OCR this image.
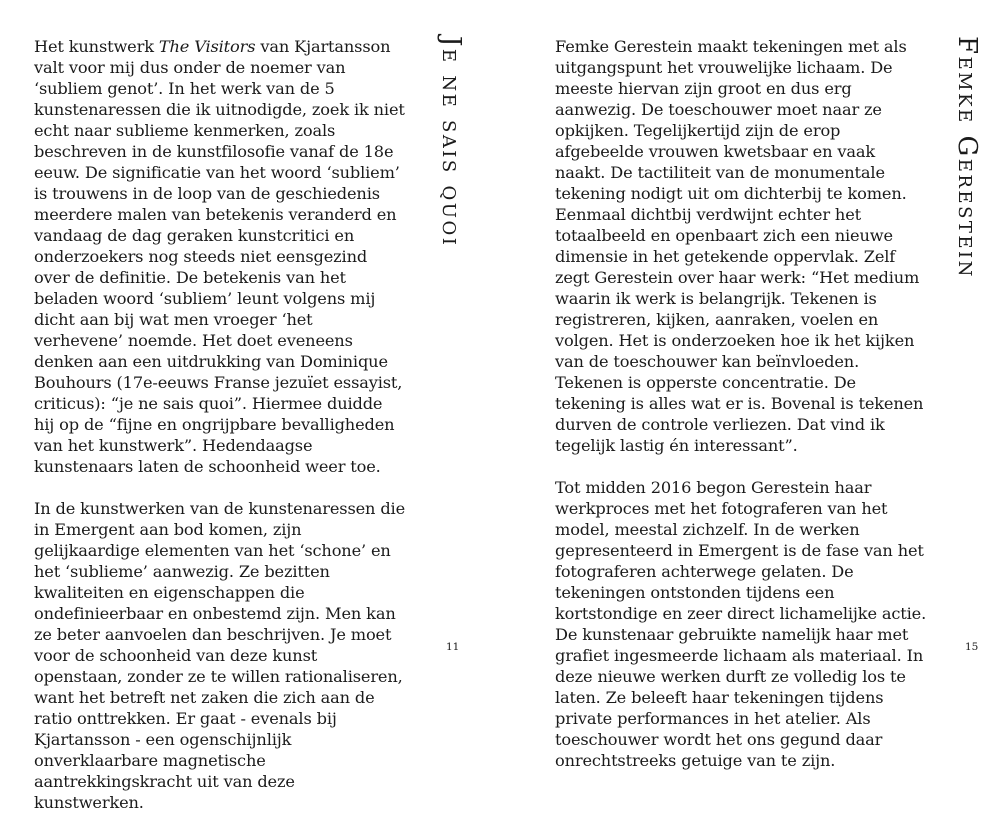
Het kunstwerk The Visitors van Kjartansson valt voor mij dus onder de noemer van ‘subliem genot’. In het werk van de 5 kunstenaressen die ik uitnodigde, zoek ik niet echt naar sublieme kenmerken, zoals beschreven in de kunstfilosofie vanaf de 18e eeuw. De significatie van het woord ‘subliem’ is trouwens in de loop van de geschiedenis meerdere malen van betekenis veranderd en vandaag de dag geraken kunstcritici en onderzoekers nog steeds niet eensgezind over de definitie. De betekenis van het beladen woord ‘subliem’ leunt volgens mij dicht aan bij wat men vroeger ‘het verhevene’ noemde. Het doet eveneens denken aan een uitdrukking van Dominique Bouhours (17e-eeuws Franse jezuïet essayist, criticus): “je ne sais quoi”. Hiermee duidde hij op de “fijne en ongrijpbare bevalligheden van het kunstwerk”. Hedendaagse kunstenaars laten de schoonheid weer toe.

In de kunstwerken van de kunstenaressen die in Emergent aan bod komen, zijn gelijkaardige elementen van het ‘schone’ en het ‘sublieme’ aanwezig. Ze bezitten kwaliteiten en eigenschappen die ondefinieerbaar en onbestemd zijn. Men kan ze beter aanvoelen dan beschrijven. Je moet voor de schoonheid van deze kunst openstaan, zonder ze te willen rationaliseren, want het betreft net zaken die zich aan de ratio onttrekken. Er gaat - evenals bij Kjartansson - een ogenschijnlijk onverklaarbare magnetische aantrekkingskracht uit van deze kunstwerken.

Je ne sais quoi
11

Femke Gerestein maakt tekeningen met als uitgangspunt het vrouwelijke lichaam. De meeste hiervan zijn groot en dus erg aanwezig. De toeschouwer moet naar ze opkijken. Tegelijkertijd zijn de erop afgebeelde vrouwen kwetsbaar en vaak naakt. De tactiliteit van de monumentale tekening nodigt uit om dichterbij te komen. Eenmaal dichtbij verdwijnt echter het totaalbeeld en openbaart zich een nieuwe dimensie in het getekende oppervlak. Zelf zegt Gerestein over haar werk: “Het medium waarin ik werk is belangrijk. Tekenen is registreren, kijken, aanraken, voelen en volgen. Het is onderzoeken hoe ik het kijken van de toeschouwer kan beïnvloeden. Tekenen is opperste concentratie. De tekening is alles wat er is. Bovenal is tekenen durven de controle verliezen. Dat vind ik tegelijk lastig én interessant”.

Tot midden 2016 begon Gerestein haar werkproces met het fotograferen van het model, meestal zichzelf. In de werken gepresenteerd in Emergent is de fase van het fotograferen achterwege gelaten. De tekeningen ontstonden tijdens een kortstondige en zeer direct lichamelijke actie. De kunstenaar gebruikte namelijk haar met grafiet ingesmeerde lichaam als materiaal. In deze nieuwe werken durft ze volledig los te laten. Ze beleeft haar tekeningen tijdens private performances in het atelier. Als toeschouwer wordt het ons gegund daar onrechtstreeks getuige van te zijn.

Femke Gerestein
15
